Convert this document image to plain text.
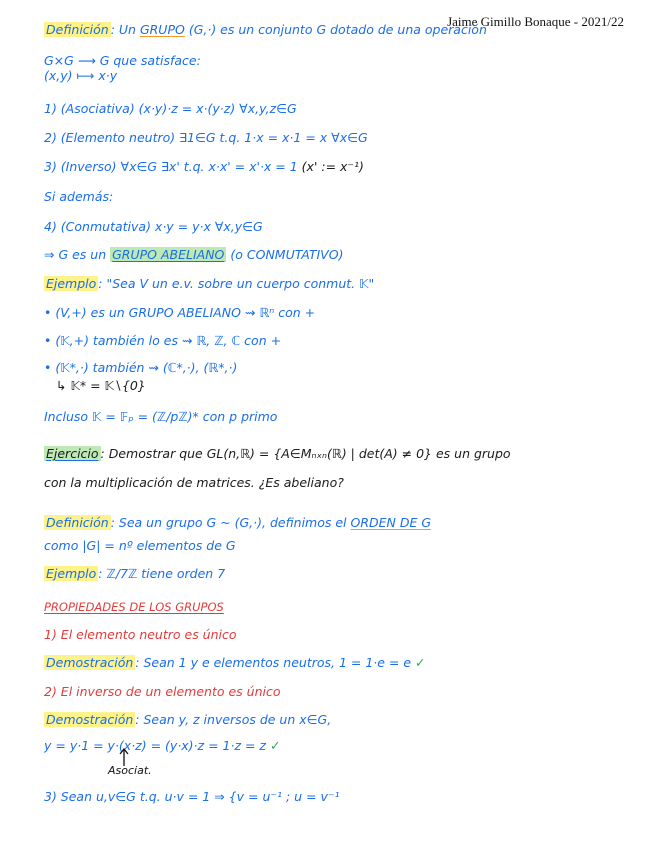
Jaime Gimillo Bonaque - 2021/22
Definición : Un GRUPO (G,·) es un conjunto G dotado de una operación
G×G ⟶ G que satisface:
(x,y) ⟼ x·y
1) (Asociativa) (x·y)·z = x·(y·z) ∀x,y,z∈G
2) (Elemento neutro) ∃1∈G t.q. 1·x = x·1 = x ∀x∈G
3) (Inverso) ∀x∈G ∃x' t.q. x·x' = x'·x = 1 (x' := x⁻¹)
Si además:
4) (Conmutativa) x·y = y·x ∀x,y∈G
⇒ G es un GRUPO ABELIANO (o CONMUTATIVO)
Ejemplo : "Sea V un e.v. sobre un cuerpo conmut. 𝕂"
• (V,+) es un GRUPO ABELIANO ⇝ ℝⁿ con +
• (𝕂,+) también lo es ⇝ ℝ, ℤ, ℂ con +
• (𝕂*,·) también ⇝ (ℂ*,·), (ℝ*,·)
↳ 𝕂* = 𝕂∖{0}
Incluso 𝕂 = 𝔽ₚ = (ℤ/pℤ)* con p primo
Ejercicio : Demostrar que GL(n,ℝ) = {A∈Mₙₓₙ(ℝ) | det(A) ≠ 0} es un grupo
con la multiplicación de matrices. ¿Es abeliano?
Definición : Sea un grupo G ~ (G,·), definimos el ORDEN DE G
como |G| = nº elementos de G
Ejemplo : ℤ/7ℤ tiene orden 7
PROPIEDADES DE LOS GRUPOS
1) El elemento neutro es único
Demostración : Sean 1 y e elementos neutros, 1 = 1·e = e ✓
2) El inverso de un elemento es único
Demostración : Sean y, z inversos de un x∈G,
y = y·1 = y·(x·z) = (y·x)·z = 1·z = z ✓
Asociat.
3) Sean u,v∈G t.q. u·v = 1 ⇒ {v = u⁻¹ ; u = v⁻¹
